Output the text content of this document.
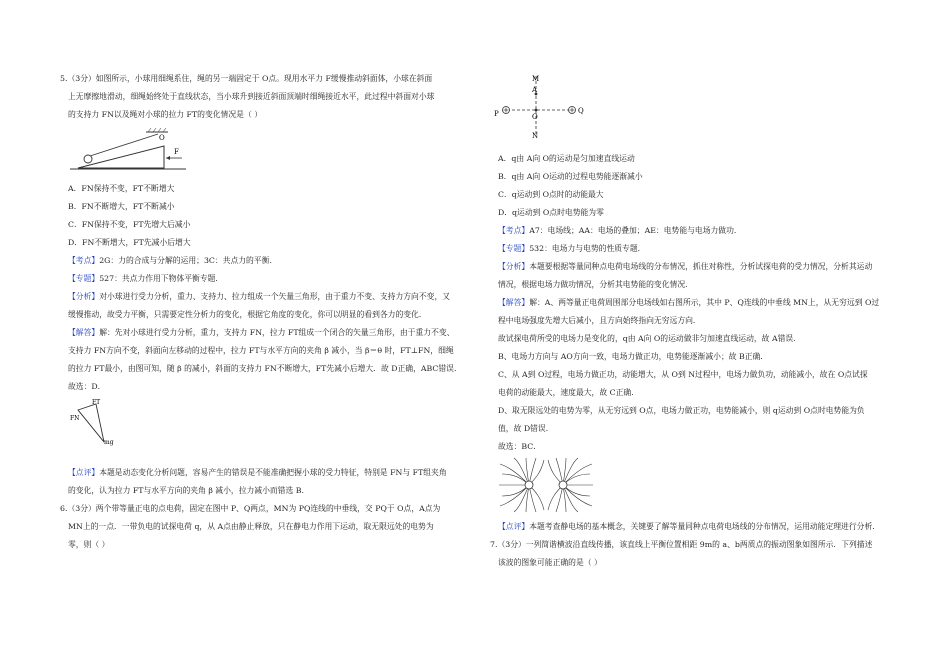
5.（3分）如图所示，小球用细绳系住，绳的另一端固定于 O点。现用水平力 F缓慢推动斜面体，小球在斜面
上无摩擦地滑动，细绳始终处于直线状态，当小球升到接近斜面顶端时细绳接近水平，此过程中斜面对小球
的支持力 FN以及绳对小球的拉力 FT的变化情况是（ ）
O
F
A．FN保持不变，FT不断增大
B．FN不断增大，FT不断减小
C．FN保持不变，FT先增大后减小
D．FN不断增大，FT先减小后增大
【考点】2G：力的合成与分解的运用；3C：共点力的平衡．
【专题】527：共点力作用下物体平衡专题．
【分析】对小球进行受力分析，重力、支持力、拉力组成一个矢量三角形，由于重力不变、支持力方向不变，又
缓慢推动，故受力平衡，只需要定性分析力的变化，根据它角度的变化，你可以明显的看到各力的变化．
【解答】解：先对小球进行受力分析，重力，支持力 FN，拉力 FT组成一个闭合的矢量三角形，由于重力不变、
支持力 FN方向不变，斜面向左移动的过程中，拉力 FT与水平方向的夹角 β 减小，当 β＝θ 时，FT⊥FN，细绳
的拉力 FT最小，由图可知，随 β 的减小，斜面的支持力 FN不断增大，FT先减小后增大．故 D正确，ABC错误．
故选：D．
FT
FN
mg
【点评】本题是动态变化分析问题，容易产生的错误是不能准确把握小球的受力特征，特别是 FN与 FT组夹角
的变化，认为拉力 FT与水平方向的夹角 β 减小，拉力减小而错选 B．
6.（3分）两个带等量正电的点电荷，固定在图中 P、Q两点，MN为 PQ连线的中垂线，交 PQ于 O点，A点为
MN上的一点．一带负电的试探电荷 q，从 A点由静止释放，只在静电力作用下运动，取无限远处的电势为
零，则（ ）
M
A
P	O
Q
N
A．q由 A向 O的运动是匀加速直线运动
B．q由 A向 O运动的过程电势能逐渐减小
C．q运动到 O点时的动能最大
D．q运动到 O点时电势能为零
【考点】A7：电场线；AA：电场的叠加；AE：电势能与电场力做功．
【专题】532：电场力与电势的性质专题．
【分析】本题要根据等量同种点电荷电场线的分布情况，抓住对称性，分析试探电荷的受力情况，分析其运动
情况，根据电场力做功情况，分析其电势能的变化情况．
【解答】解：A、两等量正电荷周围部分电场线如右图所示，其中 P、Q连线的中垂线 MN上，从无穷远到 O过
程中电场强度先增大后减小，且方向始终指向无穷远方向．
故试探电荷所受的电场力是变化的，q由 A向 O的运动做非匀加速直线运动，故 A错误．
B、电场力方向与 AO方向一致，电场力做正功，电势能逐渐减小；故 B正确．
C、从 A到 O过程，电场力做正功，动能增大，从 O到 N过程中，电场力做负功，动能减小，故在 O点试探
电荷的动能最大，速度最大，故 C正确．
D、取无限远处的电势为零，从无穷远到 O点，电场力做正功，电势能减小，则 q运动到 O点时电势能为负
值，故 D错误．
故选：BC．
【点评】本题考查静电场的基本概念，关键要了解等量同种点电荷电场线的分布情况，运用动能定理进行分析．
7.（3分）一列简谐横波沿直线传播，该直线上平衡位置相距 9m的 a、b两质点的振动图象如图所示．下列描述
该波的图象可能正确的是（ ）
